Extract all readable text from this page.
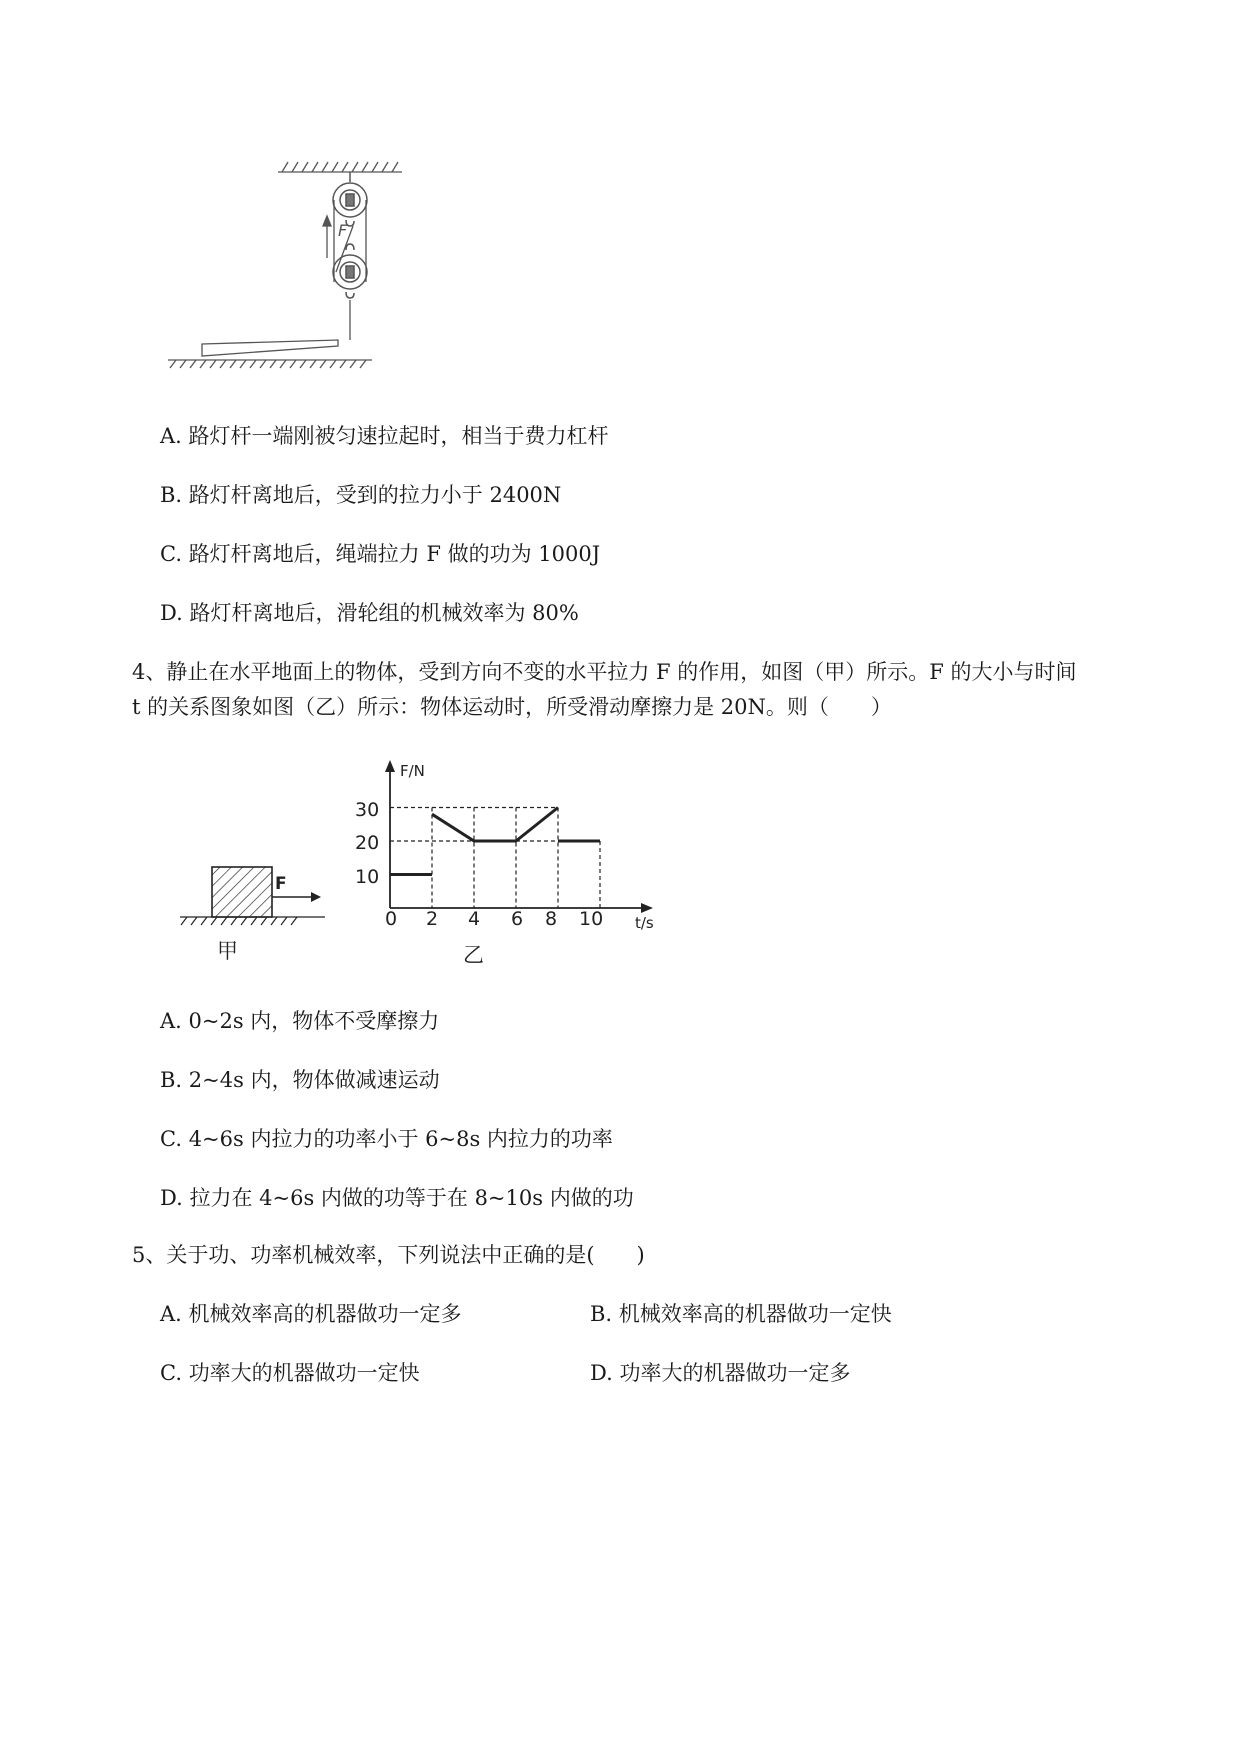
F
A. 路灯杆一端刚被匀速拉起时，相当于费力杠杆
B. 路灯杆离地后，受到的拉力小于 2400N
C. 路灯杆离地后，绳端拉力 F 做的功为 1000J
D. 路灯杆离地后，滑轮组的机械效率为 80%
4、静止在水平地面上的物体，受到方向不变的水平拉力 F 的作用，如图（甲）所示。F 的大小与时间
t 的关系图象如图（乙）所示：物体运动时，所受滑动摩擦力是 20N。则（　　）
F
甲
F/N
t/s
0 2 4 6 8 10
10
20
30
乙
A. 0~2s 内，物体不受摩擦力
B. 2~4s 内，物体做减速运动
C. 4~6s 内拉力的功率小于 6~8s 内拉力的功率
D. 拉力在 4~6s 内做的功等于在 8~10s 内做的功
5、关于功、功率机械效率，下列说法中正确的是(　　)
A. 机械效率高的机器做功一定多	B. 机械效率高的机器做功一定快
C. 功率大的机器做功一定快	D. 功率大的机器做功一定多
